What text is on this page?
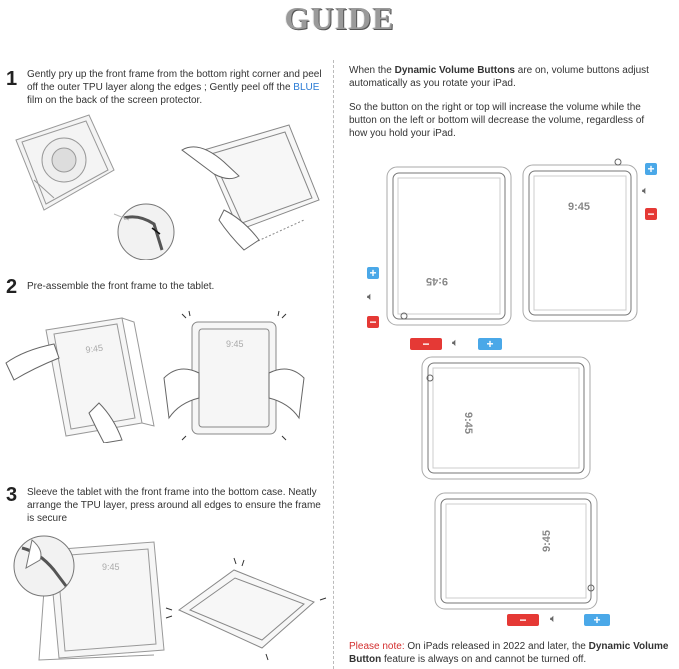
GUIDE
1 Gently pry up the front frame from the bottom right corner and peel off the outer TPU layer along the edges ; Gently peel off the BLUE film on the back of the screen protector.
2 Pre-assemble the front frame to the tablet.
9:45	9:45
3 Sleeve the tablet with the front frame into the bottom case. Neatly arrange the TPU layer, press around all edges to ensure the frame is secure
9:45
When the Dynamic Volume Buttons are on, volume buttons adjust automatically as you rotate your iPad.
So the button on the right or top will increase the volume while the button on the left or bottom will decrease the volume, regardless of how you hold your iPad.
9:45
+
🔈︎
−
9:45
+
🔈︎
−
9:45
−	🔈︎	+
9:45
−	🔈︎	+
Please note: On iPads released in 2022 and later, the Dynamic Volume Button feature is always on and cannot be turned off.
